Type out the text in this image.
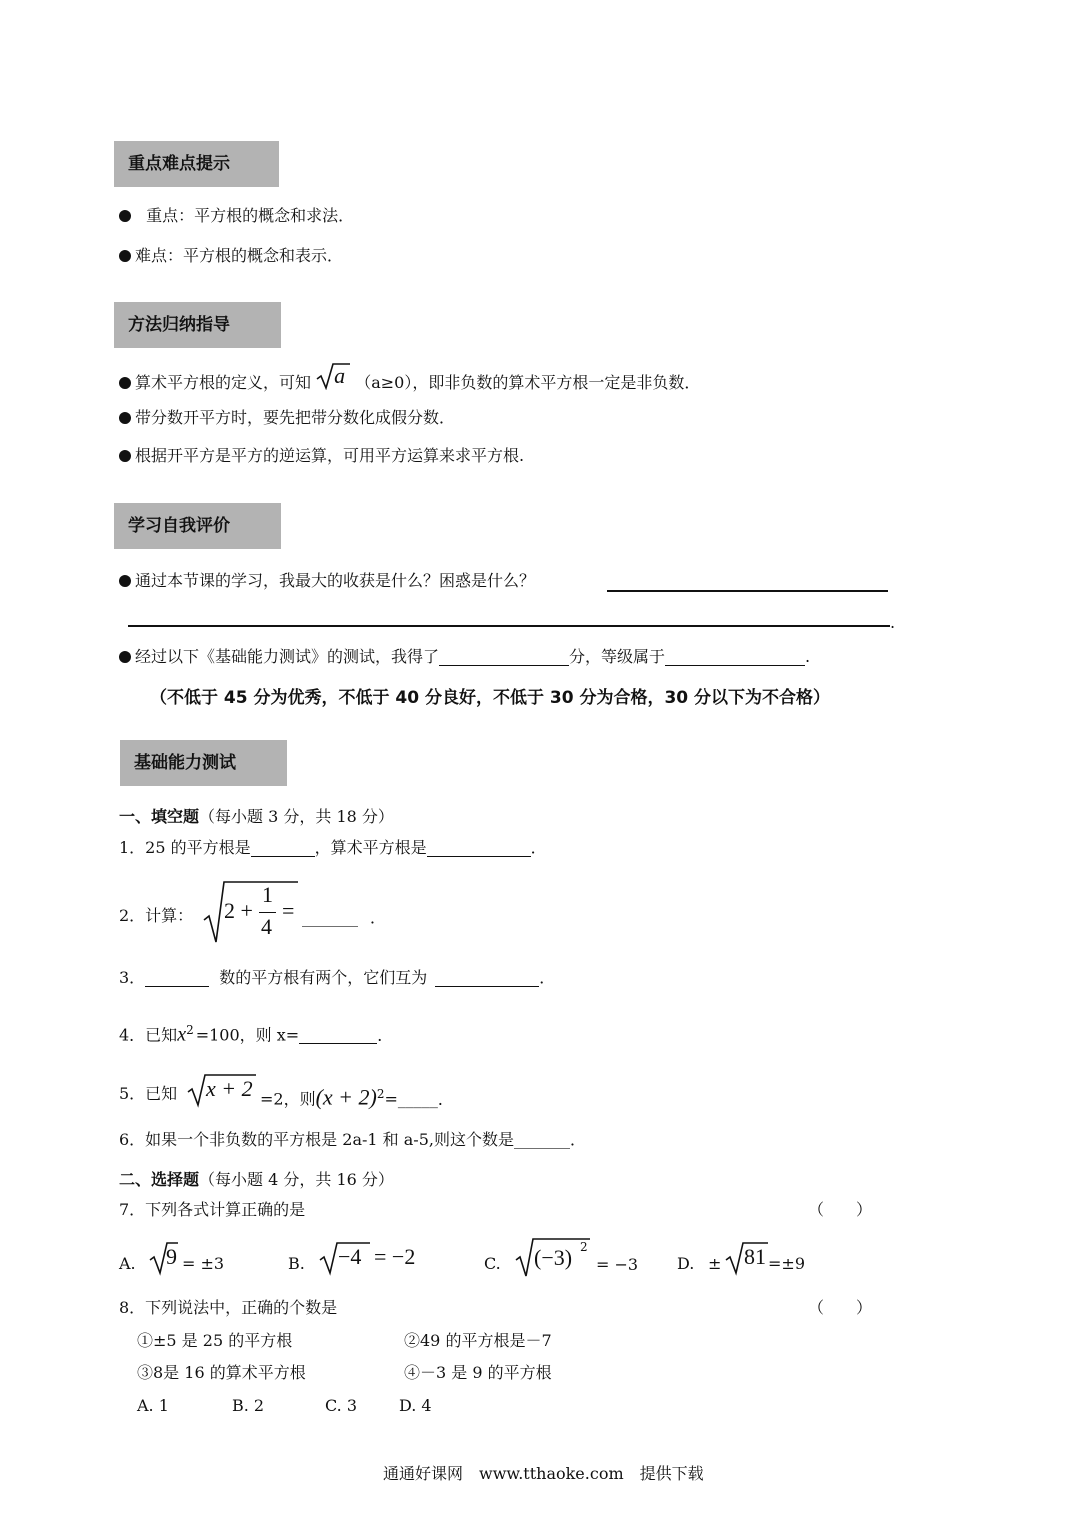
重点难点提示
方法归纳指导
学习自我评价
基础能力测试
重点：平方根的概念和求法．
难点：平方根的概念和表示．
算术平方根的定义，可知 a （a≥0），即非负数的算术平方根一定是非负数．
带分数开平方时，要先把带分数化成假分数．
根据开平方是平方的逆运算，可用平方运算来求平方根.
通过本节课的学习，我最大的收获是什么？困惑是什么？
.
经过以下《基础能力测试》的测试，我得了	分，等级属于	.
（不低于 45 分为优秀，不低于 40 分良好，不低于 30 分为合格，30 分以下为不合格）
一、填空题（每小题 3 分，共 18 分）
1．25 的平方根是	，算术平方根是	．
2．计算： 2 +
1
4
= _______ ．
3．	数的平方根有两个，它们互为	．
4．已知$x^2 =100$，则 x=	．
5．已知 x + 2 =2，则$(x + 2)^2=\_\_\_\_\_$．
6．如果一个非负数的平方根是 2a-1 和 a-5,则这个数是_______．
二、选择题（每小题 4 分，共 16 分）
7．下列各式计算正确的是	（　　）
A. 9 = ±3	B. −4 = −2	C. (−3) 2
= −3 D. ± 81 =±9
8．下列说法中，正确的个数是	（　　）
①±5 是 25 的平方根	②49 的平方根是－7
③8是 16 的算术平方根	④－3 是 9 的平方根
A. 1	B. 2	C. 3	D. 4
通通好课网　www.tthaoke.com　提供下载
